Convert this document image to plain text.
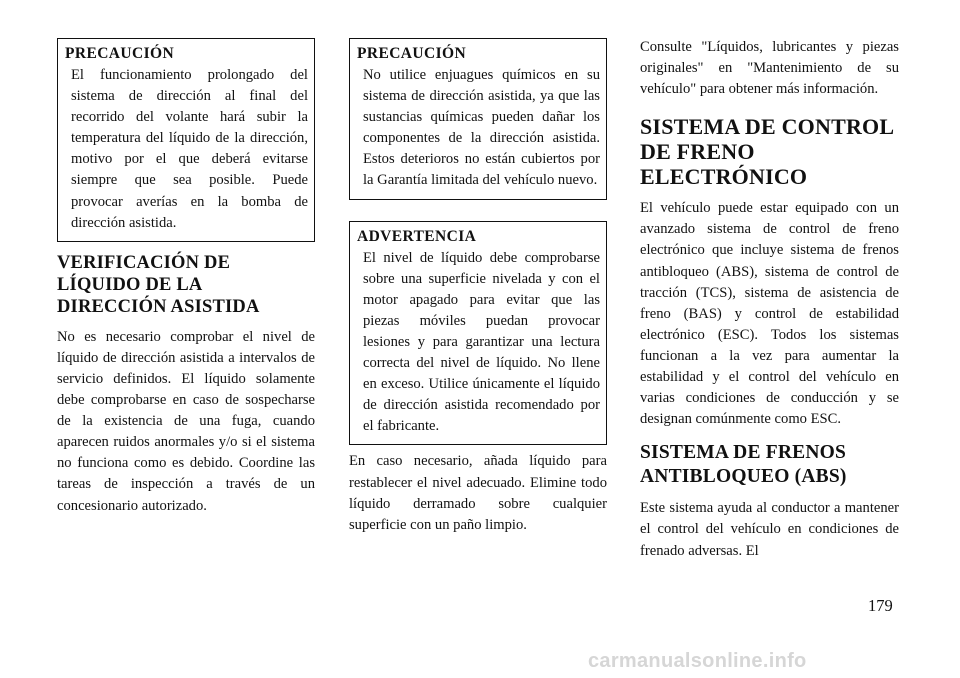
PRECAUCIÓN

El funcionamiento prolongado del sistema de dirección al final del recorrido del volante hará subir la temperatura del líquido de la dirección, motivo por el que deberá evitarse siempre que sea posible. Puede provocar averías en la bomba de dirección asistida.

VERIFICACIÓN DE LÍQUIDO DE LA DIRECCIÓN ASISTIDA

No es necesario comprobar el nivel de líquido de dirección asistida a intervalos de servicio definidos. El líquido solamente debe comprobarse en caso de sospecharse de la existencia de una fuga, cuando aparecen ruidos anormales y/o si el sistema no funciona como es debido. Coordine las tareas de inspección a través de un concesionario autorizado.

PRECAUCIÓN

No utilice enjuagues químicos en su sistema de dirección asistida, ya que las sustancias químicas pueden dañar los componentes de la dirección asistida. Estos deterioros no están cubiertos por la Garantía limitada del vehículo nuevo.

ADVERTENCIA

El nivel de líquido debe comprobarse sobre una superficie nivelada y con el motor apagado para evitar que las piezas móviles puedan provocar lesiones y para garantizar una lectura correcta del nivel de líquido. No llene en exceso. Utilice únicamente el líquido de dirección asistida recomendado por el fabricante.

En caso necesario, añada líquido para restablecer el nivel adecuado. Elimine todo líquido derramado sobre cualquier superficie con un paño limpio.

Consulte "Líquidos, lubricantes y piezas originales" en "Mantenimiento de su vehículo" para obtener más información.

SISTEMA DE CONTROL DE FRENO ELECTRÓNICO

El vehículo puede estar equipado con un avanzado sistema de control de freno electrónico que incluye sistema de frenos antibloqueo (ABS), sistema de control de tracción (TCS), sistema de asistencia de freno (BAS) y control de estabilidad electrónico (ESC). Todos los sistemas funcionan a la vez para aumentar la estabilidad y el control del vehículo en varias condiciones de conducción y se designan comúnmente como ESC.

SISTEMA DE FRENOS ANTIBLOQUEO (ABS)

Este sistema ayuda al conductor a mantener el control del vehículo en condiciones de frenado adversas. El

179
carmanualsonline.info
